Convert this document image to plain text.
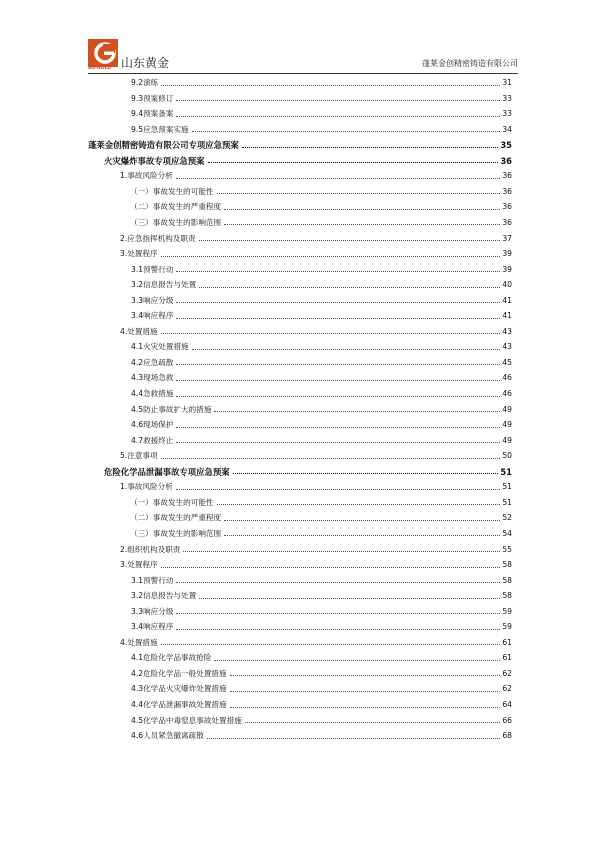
SD-GOLD 山东黄金	蓬莱金创精密铸造有限公司
9.2演练	31
9.3预案修订	33
9.4预案备案	33
9.5应急预案实施	34
蓬莱金创精密铸造有限公司专项应急预案	35
火灾爆炸事故专项应急预案	36
1.事故风险分析	36
（一）事故发生的可能性	36
（二）事故发生的严重程度	36
（三）事故发生的影响范围	36
2.应急指挥机构及职责	37
3.处置程序	39
3.1预警行动	39
3.2信息报告与处置	40
3.3响应分级	41
3.4响应程序	41
4.处置措施	43
4.1火灾处置措施	43
4.2应急疏散	45
4.3现场急救	46
4.4急救措施	46
4.5防止事故扩大的措施	49
4.6现场保护	49
4.7救援终止	49
5.注意事项	50
危险化学品泄漏事故专项应急预案	51
1.事故风险分析	51
（一）事故发生的可能性	51
（二）事故发生的严重程度	52
（三）事故发生的影响范围	54
2.组织机构及职责	55
3.处置程序	58
3.1预警行动	58
3.2信息报告与处置	58
3.3响应分级	59
3.4响应程序	59
4.处置措施	61
4.1危险化学品事故抢险	61
4.2危险化学品一般处置措施	62
4.3化学品火灾爆炸处置措施	62
4.4化学品泄漏事故处置措施	64
4.5化学品中毒窒息事故处置措施	66
4.6人员紧急撤离疏散	68
